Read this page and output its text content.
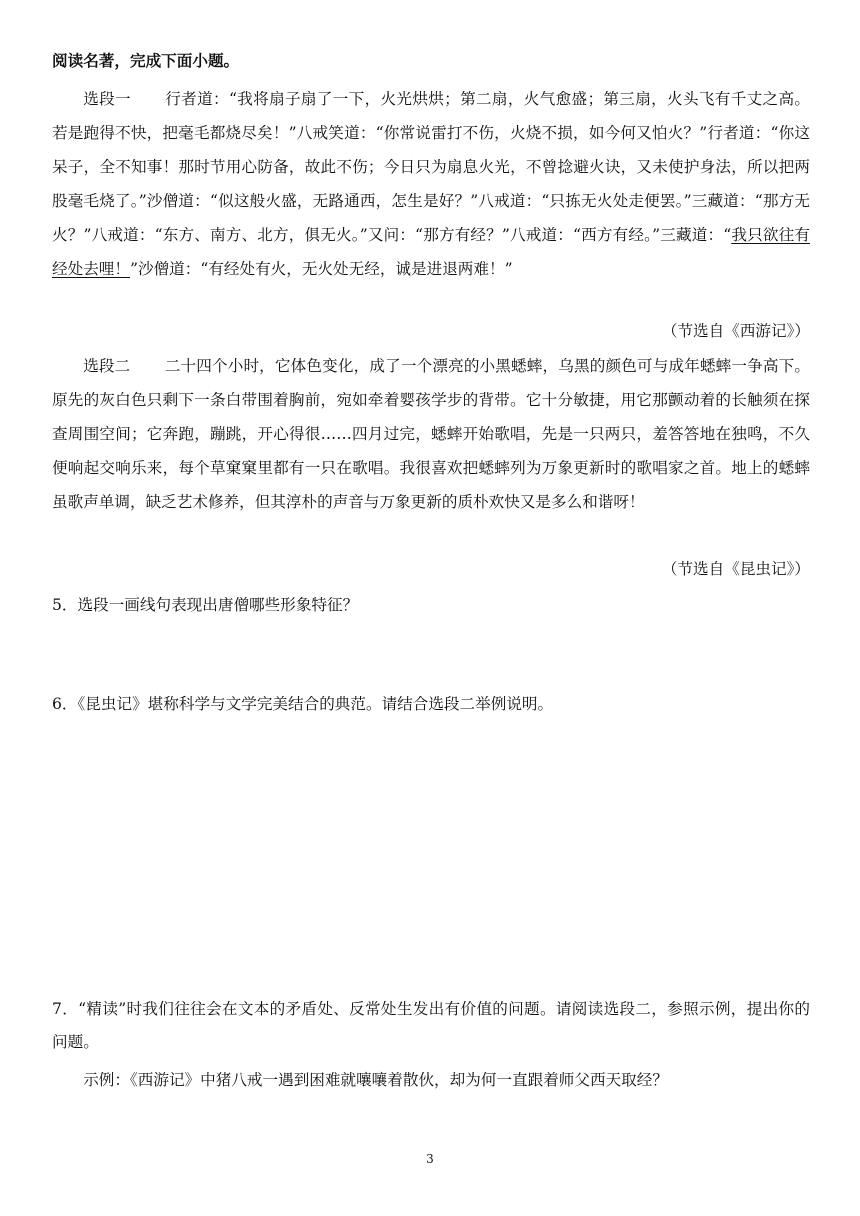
阅读名著，完成下面小题。

选段一 行者道：“我将扇子扇了一下，火光烘烘；第二扇，火气愈盛；第三扇，火头飞有千丈之高。若是跑得不快，把毫毛都烧尽矣！”八戒笑道：“你常说雷打不伤，火烧不损，如今何又怕火？”行者道：“你这呆子，全不知事！那时节用心防备，故此不伤；今日只为扇息火光，不曾捻避火诀，又未使护身法，所以把两股毫毛烧了。”沙僧道：“似这般火盛，无路通西，怎生是好？”八戒道：“只拣无火处走便罢。”三藏道：“那方无火？”八戒道：“东方、南方、北方，俱无火。”又问：“那方有经？”八戒道：“西方有经。”三藏道：“我只欲往有经处去哩！”沙僧道：“有经处有火，无火处无经，诚是进退两难！”

（节选自《西游记》）

选段二 二十四个小时，它体色变化，成了一个漂亮的小黑蟋蟀，乌黑的颜色可与成年蟋蟀一争高下。原先的灰白色只剩下一条白带围着胸前，宛如牵着婴孩学步的背带。它十分敏捷，用它那颤动着的长触须在探查周围空间；它奔跑，蹦跳，开心得很……四月过完，蟋蟀开始歌唱，先是一只两只，羞答答地在独鸣，不久便响起交响乐来，每个草窠窠里都有一只在歌唱。我很喜欢把蟋蟀列为万象更新时的歌唱家之首。地上的蟋蟀虽歌声单调，缺乏艺术修养，但其淳朴的声音与万象更新的质朴欢快又是多么和谐呀！

（节选自《昆虫记》）

5．选段一画线句表现出唐僧哪些形象特征？

6．《昆虫记》堪称科学与文学完美结合的典范。请结合选段二举例说明。

7．“精读”时我们往往会在文本的矛盾处、反常处生发出有价值的问题。请阅读选段二，参照示例，提出你的问题。

示例：《西游记》中猪八戒一遇到困难就嚷嚷着散伙，却为何一直跟着师父西天取经？

3
